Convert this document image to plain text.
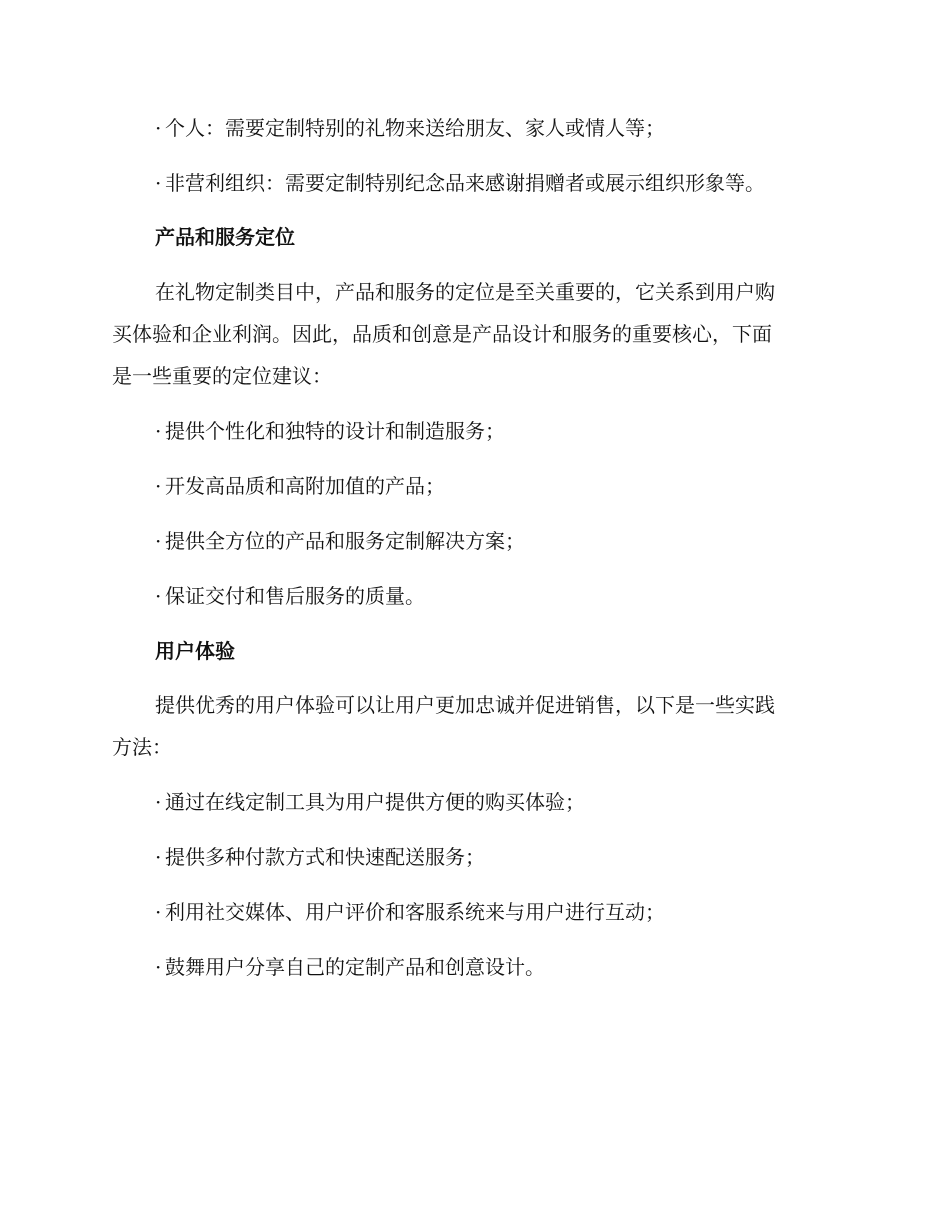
· 个人：需要定制特别的礼物来送给朋友、家人或情人等；
· 非营利组织：需要定制特别纪念品来感谢捐赠者或展示组织形象等。
产品和服务定位
在礼物定制类目中，产品和服务的定位是至关重要的，它关系到用户购
买体验和企业利润。因此，品质和创意是产品设计和服务的重要核心，下面
是一些重要的定位建议：
· 提供个性化和独特的设计和制造服务；
· 开发高品质和高附加值的产品；
· 提供全方位的产品和服务定制解决方案；
· 保证交付和售后服务的质量。
用户体验
提供优秀的用户体验可以让用户更加忠诚并促进销售，以下是一些实践
方法：
· 通过在线定制工具为用户提供方便的购买体验；
· 提供多种付款方式和快速配送服务；
· 利用社交媒体、用户评价和客服系统来与用户进行互动；
· 鼓舞用户分享自己的定制产品和创意设计。
